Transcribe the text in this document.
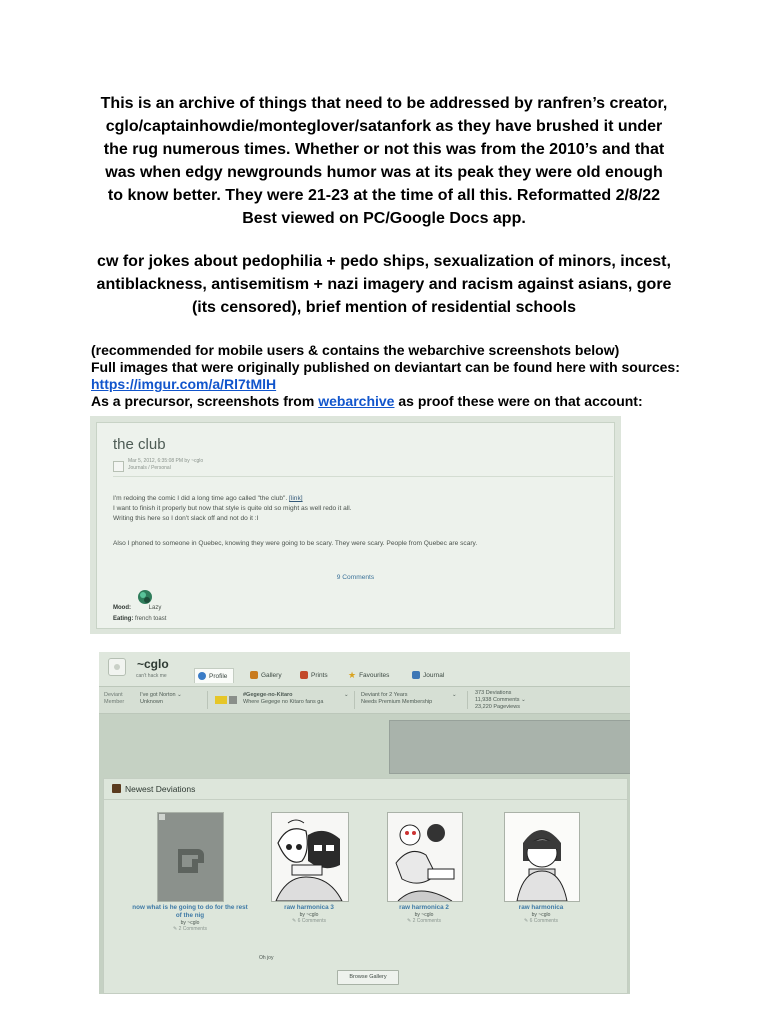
This is an archive of things that need to be addressed by ranfren’s creator,
cglo/captainhowdie/monteglover/satanfork as they have brushed it under
the rug numerous times. Whether or not this was from the 2010’s and that
was when edgy newgrounds humor was at its peak they were old enough
to know better. They were 21-23 at the time of all this. Reformatted 2/8/22
Best viewed on PC/Google Docs app.
cw for jokes about pedophilia + pedo ships, sexualization of minors, incest,
antiblackness, antisemitism + nazi imagery and racism against asians, gore
(its censored), brief mention of residential schools
(recommended for mobile users & contains the webarchive screenshots below)
Full images that were originally published on deviantart can be found here with sources:
https://imgur.com/a/Rl7tMlH
As a precursor, screenshots from webarchive as proof these were on that account:
the club
Mar 5, 2012, 6:35:08 PM by ~cglo
Journals / Personal
I'm redoing the comic I did a long time ago called "the club". [link]
I want to finish it properly but now that style is quite old so might as well redo it all.
Writing this here so I don't slack off and not do it :I
Also I phoned to someone in Quebec, knowing they were going to be scary. They were scary. People from Quebec are scary.
9 Comments
Mood:	Lazy
Eating: french toast
~cglo
can't hack me	Profile	Gallery	Prints ★ Favourites	Journal
Deviant
Member
I've got Norton ⌄
Unknown
#Gegege-no-Kitaro
Where Gegege no Kitaro fans ga
⌄ Deviant for 2 Years
Needs Premium Membership
⌄	373 Deviations
11,938 Comments ⌄
23,220 Pageviews
Newest Deviations
now what is he going to do for the rest of the nig
by ~cglo
✎ 2 Comments
raw harmonica 3
by ~cglo
✎ 6 Comments
raw harmonica 2
by ~cglo
✎ 2 Comments
raw harmonica
by ~cglo
✎ 6 Comments
Oh joy
Browse Gallery
